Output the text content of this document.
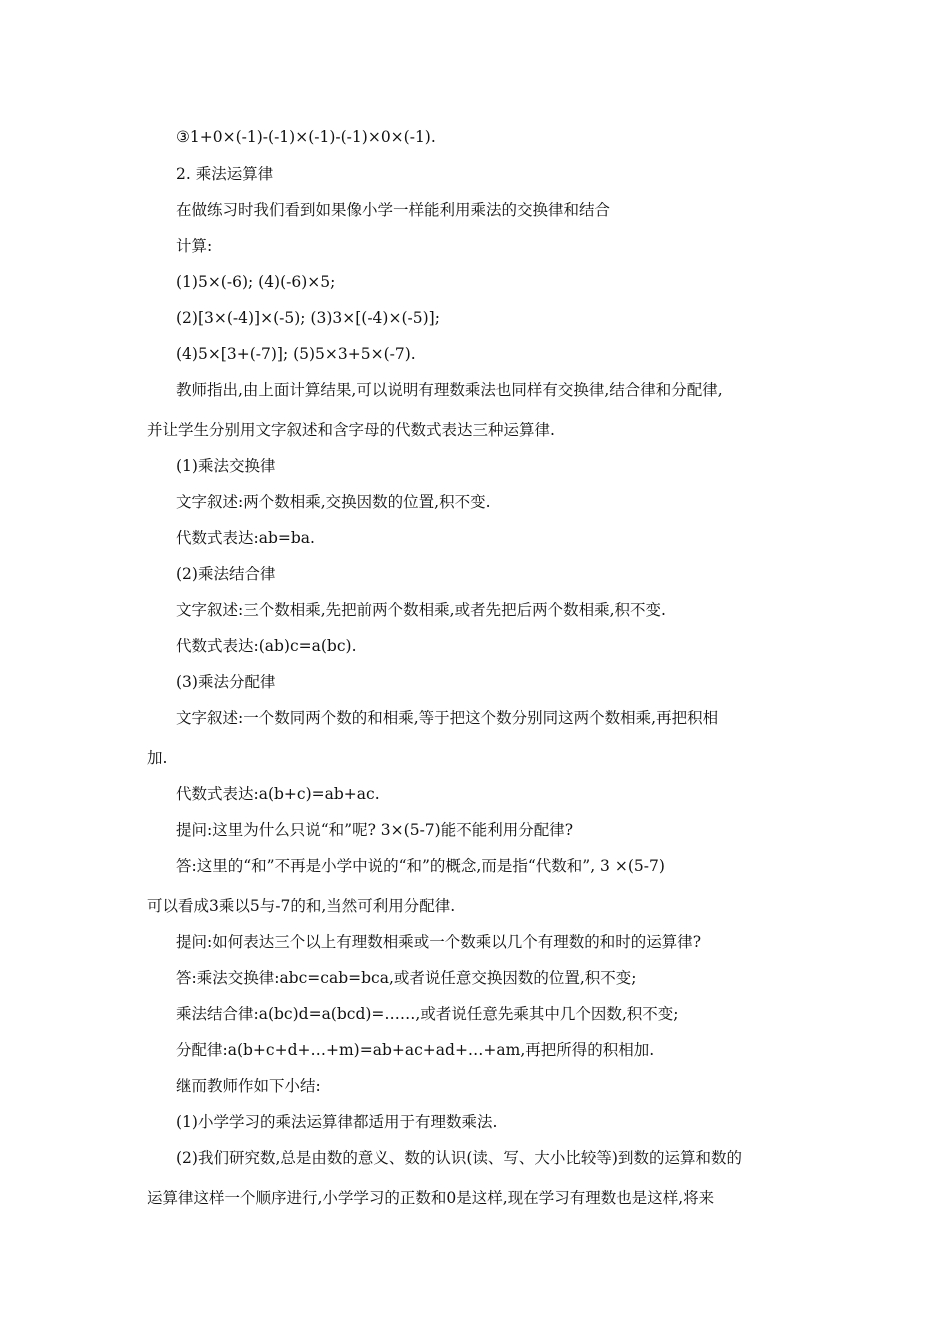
③1+0×(-1)-(-1)×(-1)-(-1)×0×(-1).
2. 乘法运算律
在做练习时我们看到如果像小学一样能利用乘法的交换律和结合
计算:
(1)5×(-6); (4)(-6)×5;
(2)[3×(-4)]×(-5); (3)3×[(-4)×(-5)];
(4)5×[3+(-7)]; (5)5×3+5×(-7).
教师指出,由上面计算结果,可以说明有理数乘法也同样有交换律,结合律和分配律,
并让学生分别用文字叙述和含字母的代数式表达三种运算律.
(1)乘法交换律
文字叙述:两个数相乘,交换因数的位置,积不变.
代数式表达:ab=ba.
(2)乘法结合律
文字叙述:三个数相乘,先把前两个数相乘,或者先把后两个数相乘,积不变.
代数式表达:(ab)c=a(bc).
(3)乘法分配律
文字叙述:一个数同两个数的和相乘,等于把这个数分别同这两个数相乘,再把积相
加.
代数式表达:a(b+c)=ab+ac.
提问:这里为什么只说“和”呢? 3×(5-7)能不能利用分配律?
答:这里的“和”不再是小学中说的“和”的概念,而是指“代数和”, 3 ×(5-7)
可以看成3乘以5与-7的和,当然可利用分配律.
提问:如何表达三个以上有理数相乘或一个数乘以几个有理数的和时的运算律?
答:乘法交换律:abc=cab=bca,或者说任意交换因数的位置,积不变;
乘法结合律:a(bc)d=a(bcd)=……,或者说任意先乘其中几个因数,积不变;
分配律:a(b+c+d+…+m)=ab+ac+ad+…+am,再把所得的积相加.
继而教师作如下小结:
(1)小学学习的乘法运算律都适用于有理数乘法.
(2)我们研究数,总是由数的意义、数的认识(读、写、大小比较等)到数的运算和数的
运算律这样一个顺序进行,小学学习的正数和0是这样,现在学习有理数也是这样,将来
